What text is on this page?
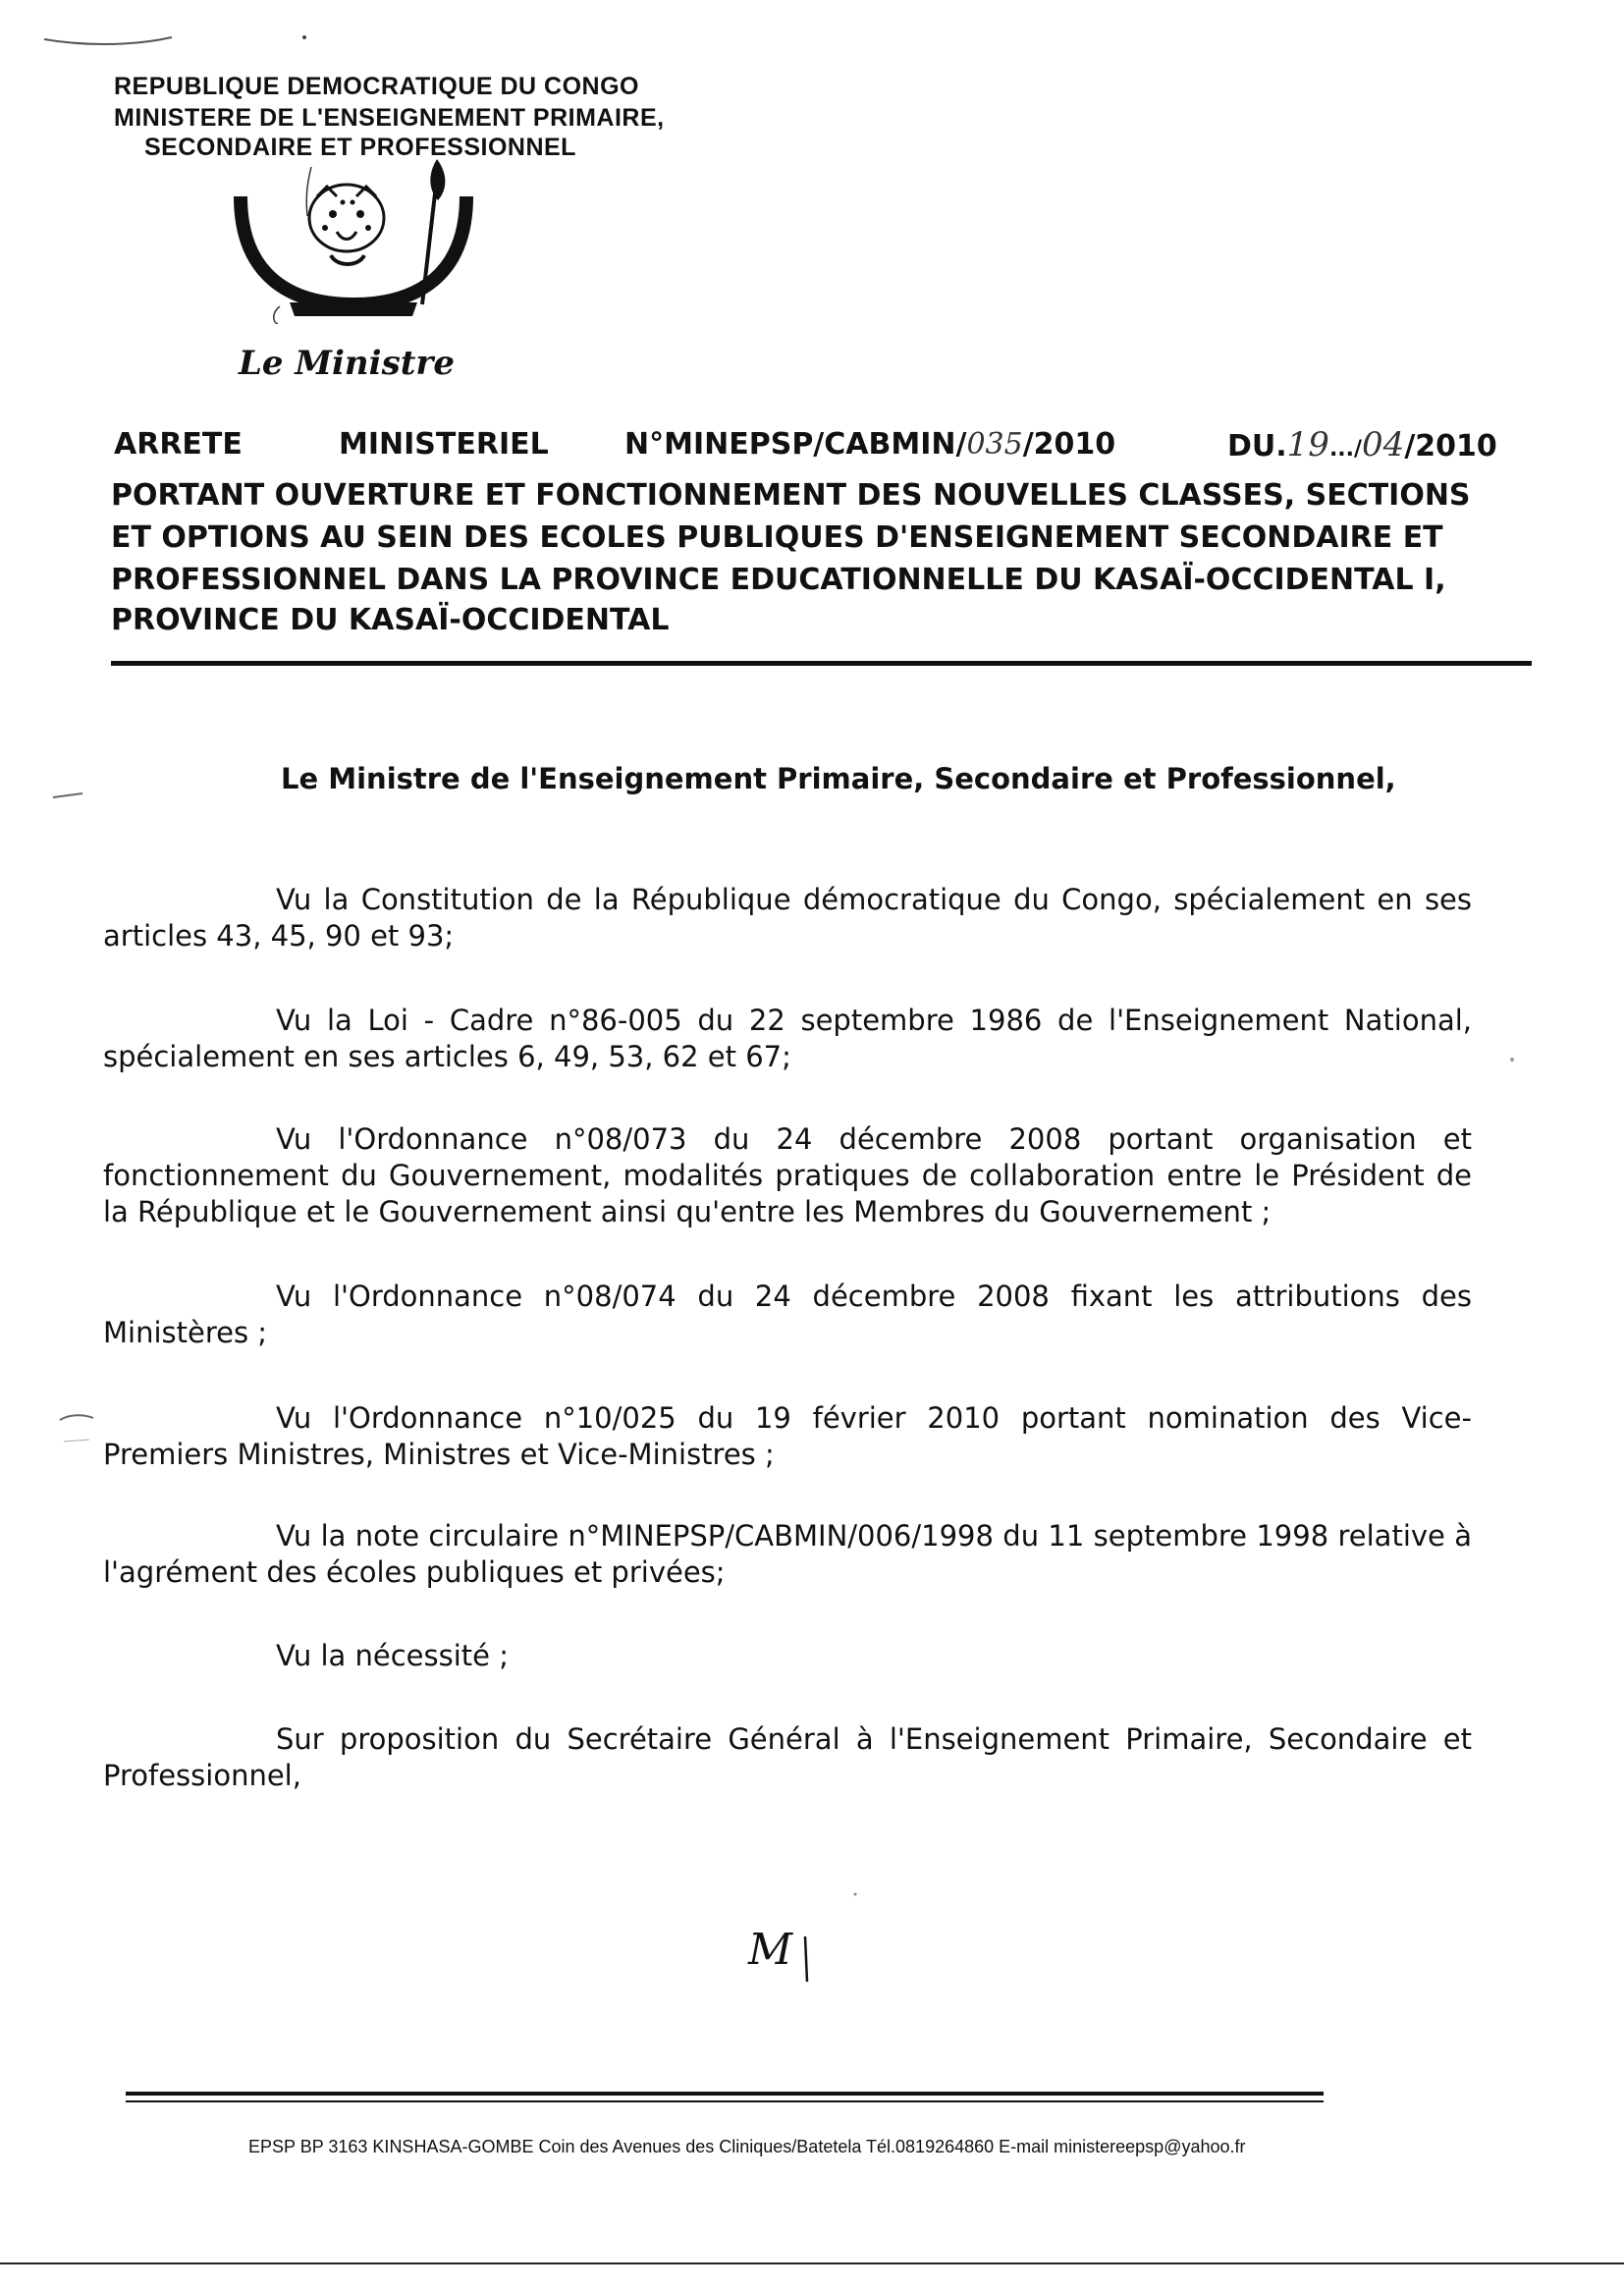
REPUBLIQUE DEMOCRATIQUE DU CONGO
MINISTERE DE L'ENSEIGNEMENT PRIMAIRE,
SECONDAIRE ET PROFESSIONNEL
Le Ministre
ARRETE	MINISTERIEL	N°MINEPSP/CABMIN/035/2010	DU.19.../04/2010
PORTANT OUVERTURE ET FONCTIONNEMENT DES NOUVELLES CLASSES, SECTIONS
ET OPTIONS AU SEIN DES ECOLES PUBLIQUES D'ENSEIGNEMENT SECONDAIRE ET
PROFESSIONNEL DANS LA PROVINCE EDUCATIONNELLE DU KASAÏ-OCCIDENTAL I,
PROVINCE DU KASAÏ-OCCIDENTAL
Le Ministre de l'Enseignement Primaire, Secondaire et Professionnel,
Vu la Constitution de la République démocratique du Congo, spécialement en ses articles 43, 45, 90 et 93;
Vu la Loi - Cadre n°86-005 du 22 septembre 1986 de l'Enseignement National, spécialement en ses articles 6, 49, 53, 62 et 67;
Vu l'Ordonnance n°08/073 du 24 décembre 2008 portant organisation et fonctionnement du Gouvernement, modalités pratiques de collaboration entre le Président de la République et le Gouvernement ainsi qu'entre les Membres du Gouvernement ;
Vu l'Ordonnance n°08/074 du 24 décembre 2008 fixant les attributions des Ministères ;
Vu l'Ordonnance n°10/025 du 19 février 2010 portant nomination des Vice-Premiers Ministres, Ministres et Vice-Ministres ;
Vu la note circulaire n°MINEPSP/CABMIN/006/1998 du 11 septembre 1998 relative à l'agrément des écoles publiques et privées;
Vu la nécessité ;
Sur proposition du Secrétaire Général à l'Enseignement Primaire, Secondaire et Professionnel,
M
EPSP BP 3163 KINSHASA-GOMBE Coin des Avenues des Cliniques/Batetela Tél.0819264860 E-mail ministereepsp@yahoo.fr
